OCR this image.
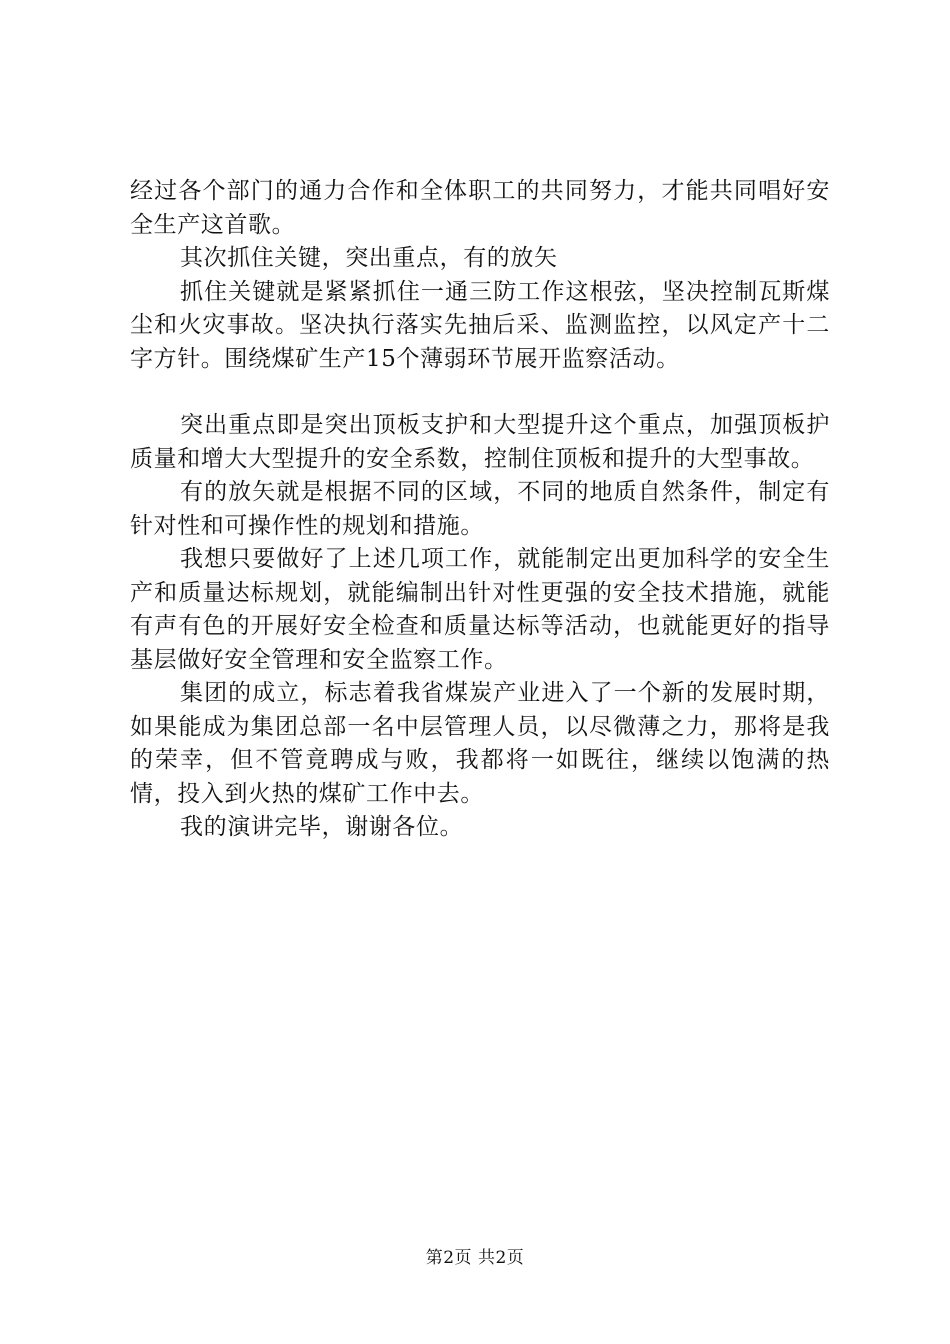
经过各个部门的通力合作和全体职工的共同努力，才能共同唱好安全生产这首歌。

其次抓住关键，突出重点，有的放矢

抓住关键就是紧紧抓住一通三防工作这根弦，坚决控制瓦斯煤尘和火灾事故。坚决执行落实先抽后采、监测监控，以风定产十二字方针。围绕煤矿生产15个薄弱环节展开监察活动。

突出重点即是突出顶板支护和大型提升这个重点，加强顶板护质量和增大大型提升的安全系数，控制住顶板和提升的大型事故。

有的放矢就是根据不同的区域，不同的地质自然条件，制定有针对性和可操作性的规划和措施。

我想只要做好了上述几项工作，就能制定出更加科学的安全生产和质量达标规划，就能编制出针对性更强的安全技术措施，就能有声有色的开展好安全检查和质量达标等活动，也就能更好的指导基层做好安全管理和安全监察工作。

集团的成立，标志着我省煤炭产业进入了一个新的发展时期，如果能成为集团总部一名中层管理人员，以尽微薄之力，那将是我的荣幸，但不管竟聘成与败，我都将一如既往，继续以饱满的热情，投入到火热的煤矿工作中去。

我的演讲完毕，谢谢各位。

第2页 共2页
